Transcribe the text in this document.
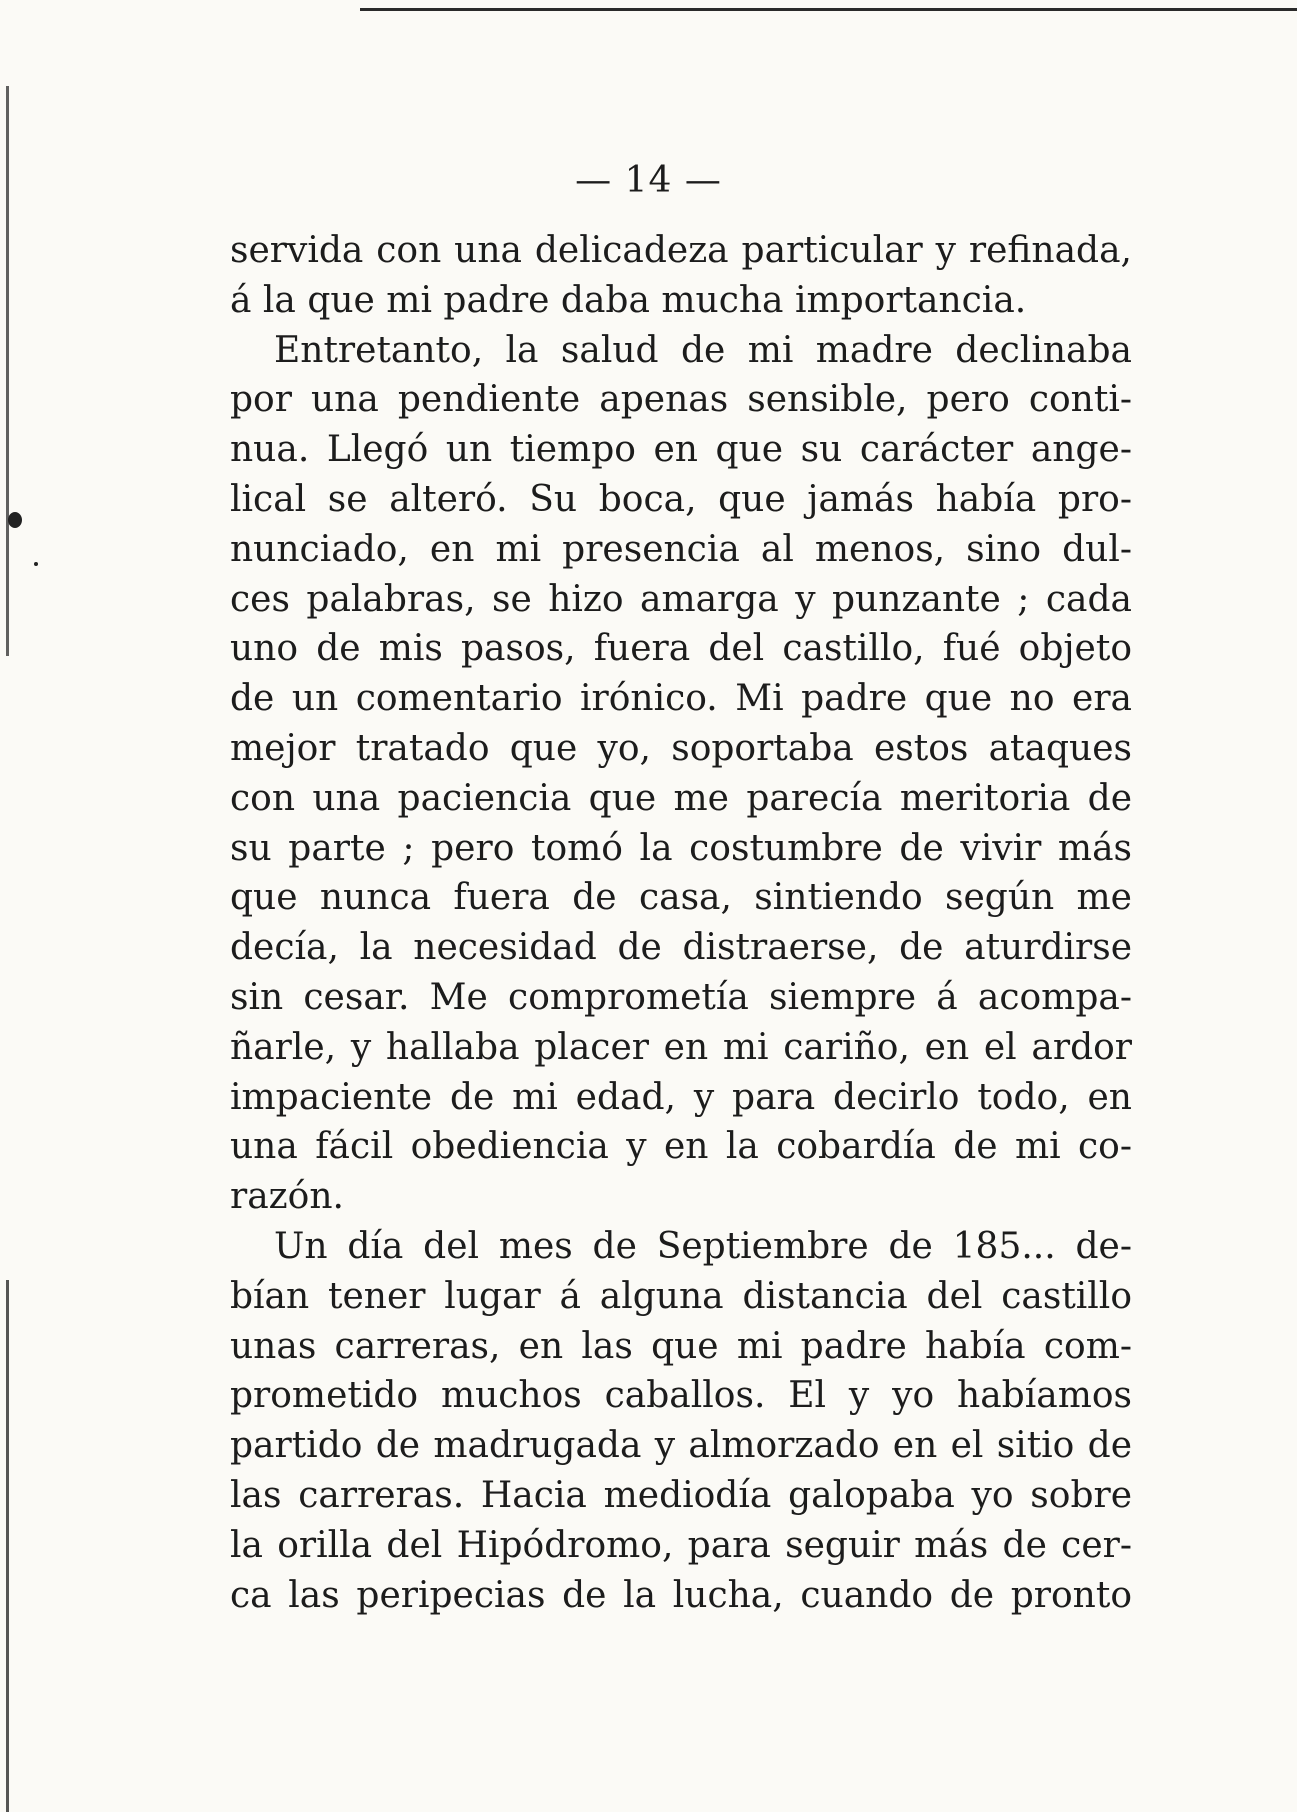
— 14 —
servida con una delicadeza particular y refinada,
á la que mi padre daba mucha importancia.
Entretanto, la salud de mi madre declinaba
por una pendiente apenas sensible, pero conti-
nua. Llegó un tiempo en que su carácter ange-
lical se alteró. Su boca, que jamás había pro-
nunciado, en mi presencia al menos, sino dul-
ces palabras, se hizo amarga y punzante ; cada
uno de mis pasos, fuera del castillo, fué objeto
de un comentario irónico. Mi padre que no era
mejor tratado que yo, soportaba estos ataques
con una paciencia que me parecía meritoria de
su parte ; pero tomó la costumbre de vivir más
que nunca fuera de casa, sintiendo según me
decía, la necesidad de distraerse, de aturdirse
sin cesar. Me comprometía siempre á acompa-
ñarle, y hallaba placer en mi cariño, en el ardor
impaciente de mi edad, y para decirlo todo, en
una fácil obediencia y en la cobardía de mi co-
razón.
Un día del mes de Septiembre de 185... de-
bían tener lugar á alguna distancia del castillo
unas carreras, en las que mi padre había com-
prometido muchos caballos. El y yo habíamos
partido de madrugada y almorzado en el sitio de
las carreras. Hacia mediodía galopaba yo sobre
la orilla del Hipódromo, para seguir más de cer-
ca las peripecias de la lucha, cuando de pronto
